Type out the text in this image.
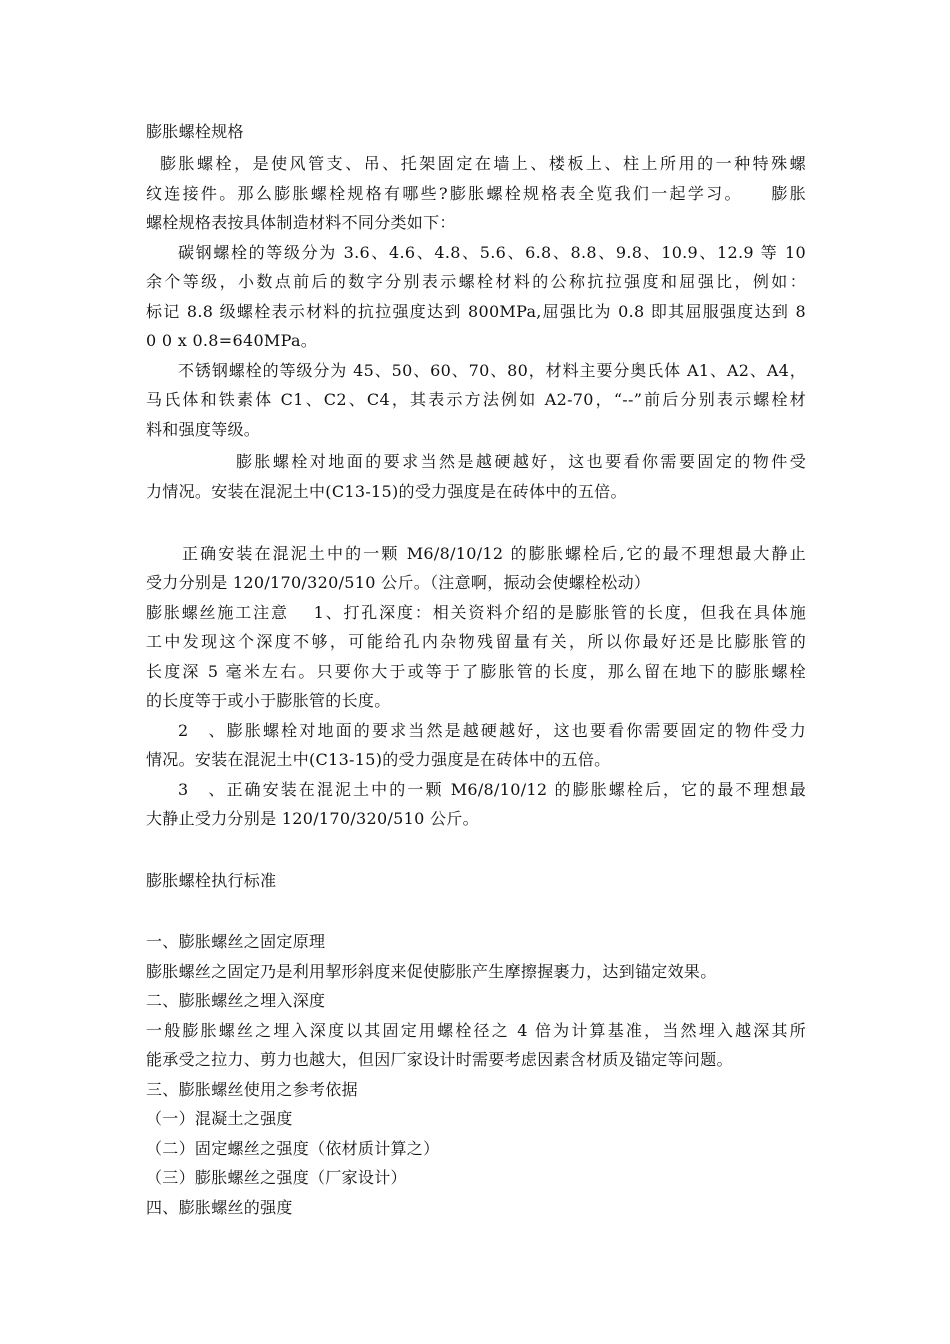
膨胀螺栓规格
膨胀螺栓，是使风管支、吊、托架固定在墙上、楼板上、柱上所用的一种特殊螺
纹连接件。那么膨胀螺栓规格有哪些?膨胀螺栓规格表全览我们一起学习。　　膨胀
螺栓规格表按具体制造材料不同分类如下：
碳钢螺栓的等级分为 3.6、4.6、4.8、5.6、6.8、8.8、9.8、10.9、12.9 等 10
余个等级，小数点前后的数字分别表示螺栓材料的公称抗拉强度和屈强比，例如：
标记 8.8 级螺栓表示材料的抗拉强度达到 800MPa,屈强比为 0.8 即其屈服强度达到 8
0 0 x 0.8=640MPa。
不锈钢螺栓的等级分为 45、50、60、70、80，材料主要分奥氏体 A1、A2、A4，
马氏体和铁素体 C1、C2、C4，其表示方法例如 A2-70，“--”前后分别表示螺栓材
料和强度等级。
膨胀螺栓对地面的要求当然是越硬越好，这也要看你需要固定的物件受
力情况。安装在混泥土中(C13-15)的受力强度是在砖体中的五倍。
正确安装在混泥土中的一颗 M6/8/10/12 的膨胀螺栓后,它的最不理想最大静止
受力分别是 120/170/320/510 公斤。（注意啊，振动会使螺栓松动）
膨胀螺丝施工注意　 1、打孔深度：相关资料介绍的是膨胀管的长度，但我在具体施
工中发现这个深度不够，可能给孔内杂物残留量有关，所以你最好还是比膨胀管的
长度深 5 毫米左右。只要你大于或等于了膨胀管的长度，那么留在地下的膨胀螺栓
的长度等于或小于膨胀管的长度。
2　、膨胀螺栓对地面的要求当然是越硬越好，这也要看你需要固定的物件受力
情况。安装在混泥土中(C13-15)的受力强度是在砖体中的五倍。
3　、正确安装在混泥土中的一颗 M6/8/10/12 的膨胀螺栓后，它的最不理想最
大静止受力分别是 120/170/320/510 公斤。
膨胀螺栓执行标准
一、膨胀螺丝之固定原理
膨胀螺丝之固定乃是利用挈形斜度来促使膨胀产生摩擦握裹力，达到锚定效果。
二、膨胀螺丝之埋入深度
一般膨胀螺丝之埋入深度以其固定用螺栓径之 4 倍为计算基准，当然埋入越深其所
能承受之拉力、剪力也越大，但因厂家设计时需要考虑因素含材质及锚定等问题。
三、膨胀螺丝使用之参考依据
（一）混凝土之强度
（二）固定螺丝之强度（依材质计算之）
（三）膨胀螺丝之强度（厂家设计）
四、膨胀螺丝的强度
